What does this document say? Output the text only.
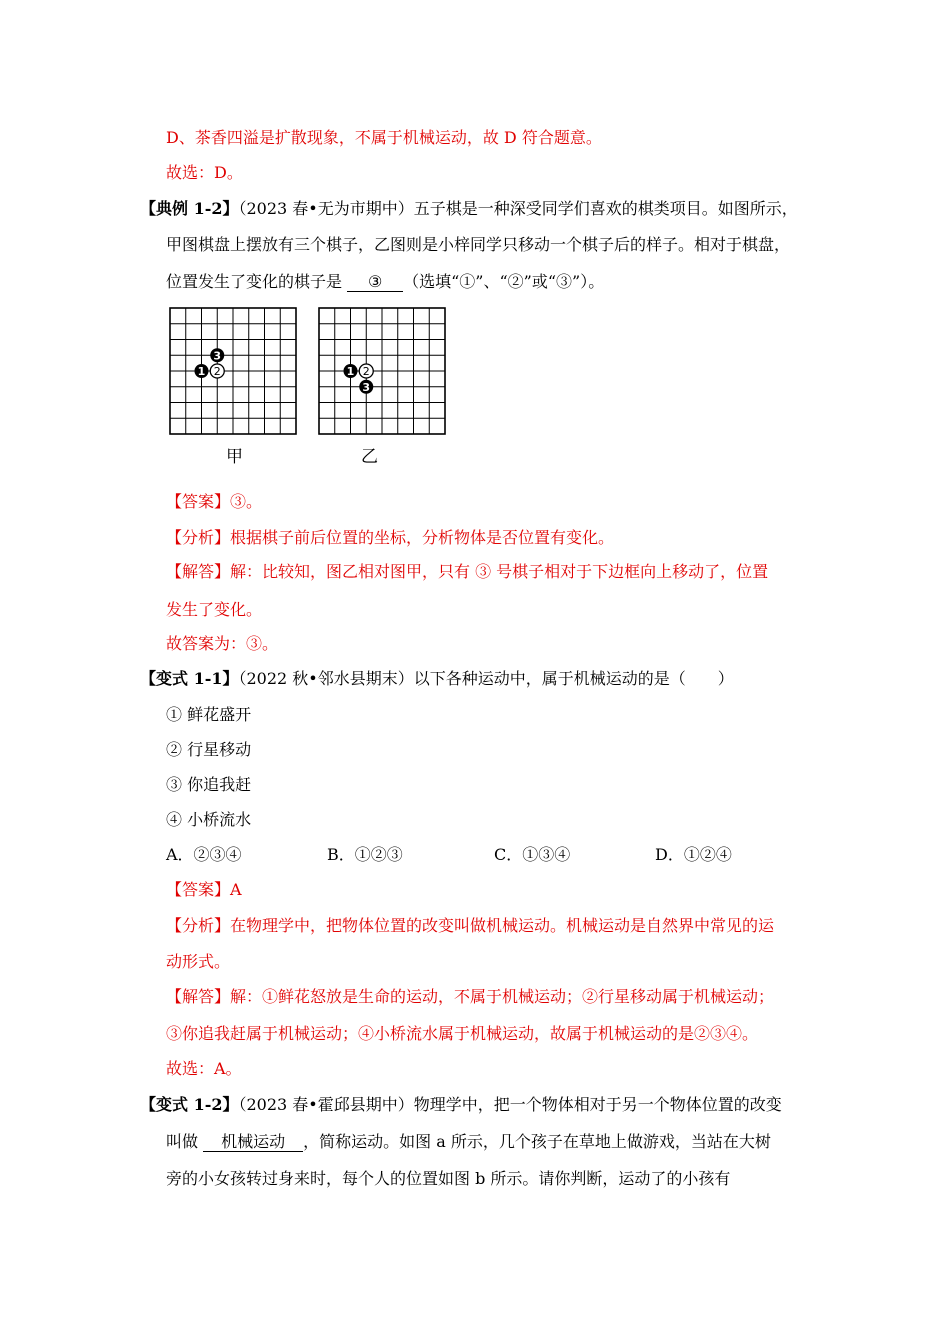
D、茶香四溢是扩散现象，不属于机械运动，故 D 符合题意。
故选：D。
【典例 1-2】（2023 春•无为市期中）五子棋是一种深受同学们喜欢的棋类项目。如图所示，
甲图棋盘上摆放有三个棋子，乙图则是小梓同学只移动一个棋子后的样子。相对于棋盘，
位置发生了变化的棋子是 ③ （选填“①”、“②”或“③”）。
3
1 2
甲
1 2
3
乙
【答案】③。
【分析】根据棋子前后位置的坐标，分析物体是否位置有变化。
【解答】解：比较知，图乙相对图甲，只有 ③ 号棋子相对于下边框向上移动了，位置
发生了变化。
故答案为：③。
【变式 1-1】（2022 秋•邻水县期末）以下各种运动中，属于机械运动的是（　　）
① 鲜花盛开
② 行星移动
③ 你追我赶
④ 小桥流水
A．②③④	B．①②③	C．①③④	D．①②④
【答案】A
【分析】在物理学中，把物体位置的改变叫做机械运动。机械运动是自然界中常见的运
动形式。
【解答】解：①鲜花怒放是生命的运动，不属于机械运动；②行星移动属于机械运动；
③你追我赶属于机械运动；④小桥流水属于机械运动，故属于机械运动的是②③④。
故选：A。
【变式 1-2】（2023 春•霍邱县期中）物理学中，把一个物体相对于另一个物体位置的改变
叫做 机械运动 ，简称运动。如图 a 所示，几个孩子在草地上做游戏，当站在大树
旁的小女孩转过身来时，每个人的位置如图 b 所示。请你判断，运动了的小孩有
